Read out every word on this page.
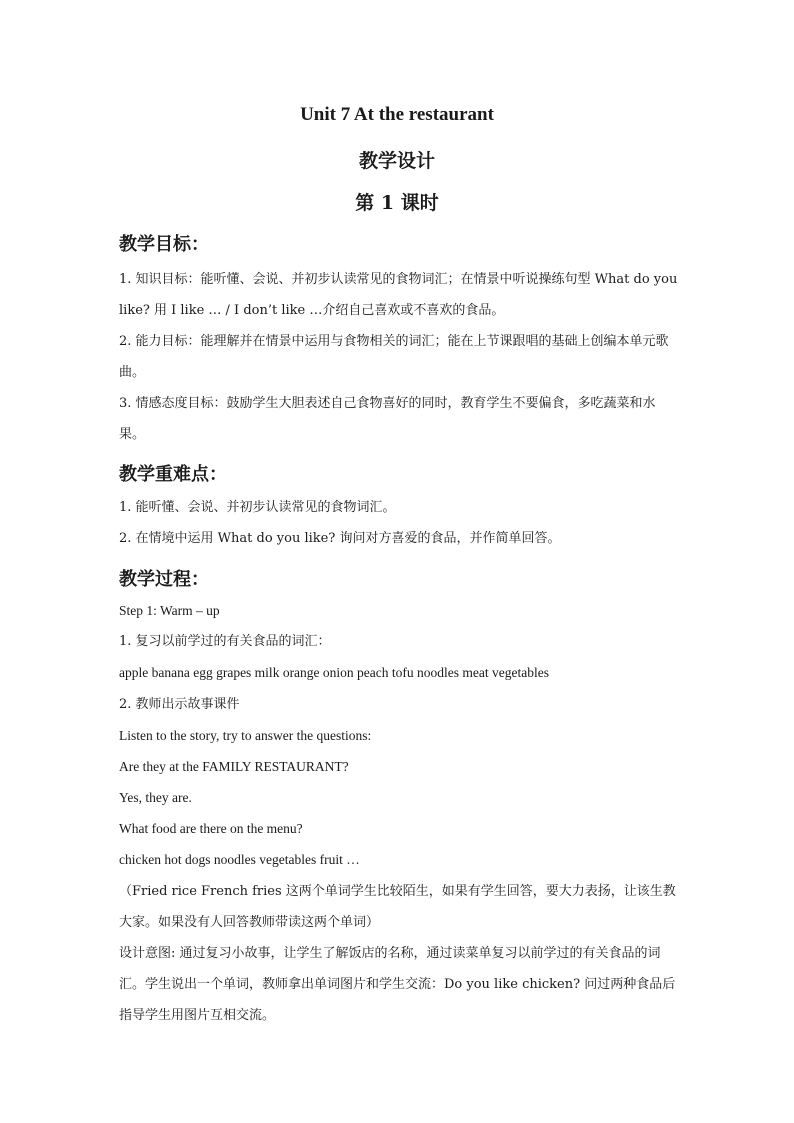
Unit 7 At the restaurant
教学设计
第 1 课时
教学目标：
1. 知识目标：能听懂、会说、并初步认读常见的食物词汇；在情景中听说操练句型 What do you like? 用 I like … / I don’t like …介绍自己喜欢或不喜欢的食品。
2. 能力目标：能理解并在情景中运用与食物相关的词汇；能在上节课跟唱的基础上创编本单元歌曲。
3. 情感态度目标：鼓励学生大胆表述自己食物喜好的同时，教育学生不要偏食，多吃蔬菜和水果。
教学重难点：
1. 能听懂、会说、并初步认读常见的食物词汇。
2. 在情境中运用 What do you like? 询问对方喜爱的食品，并作简单回答。
教学过程：
Step 1: Warm – up
1. 复习以前学过的有关食品的词汇：
apple banana egg grapes milk orange onion peach tofu noodles meat vegetables
2. 教师出示故事课件
Listen to the story, try to answer the questions:
Are they at the FAMILY RESTAURANT?
Yes, they are.
What food are there on the menu?
chicken hot dogs noodles vegetables fruit …
（Fried rice French fries 这两个单词学生比较陌生，如果有学生回答，要大力表扬，让该生教大家。如果没有人回答教师带读这两个单词）
设计意图: 通过复习小故事，让学生了解饭店的名称，通过读菜单复习以前学过的有关食品的词汇。学生说出一个单词，教师拿出单词图片和学生交流：Do you like chicken? 问过两种食品后指导学生用图片互相交流。
